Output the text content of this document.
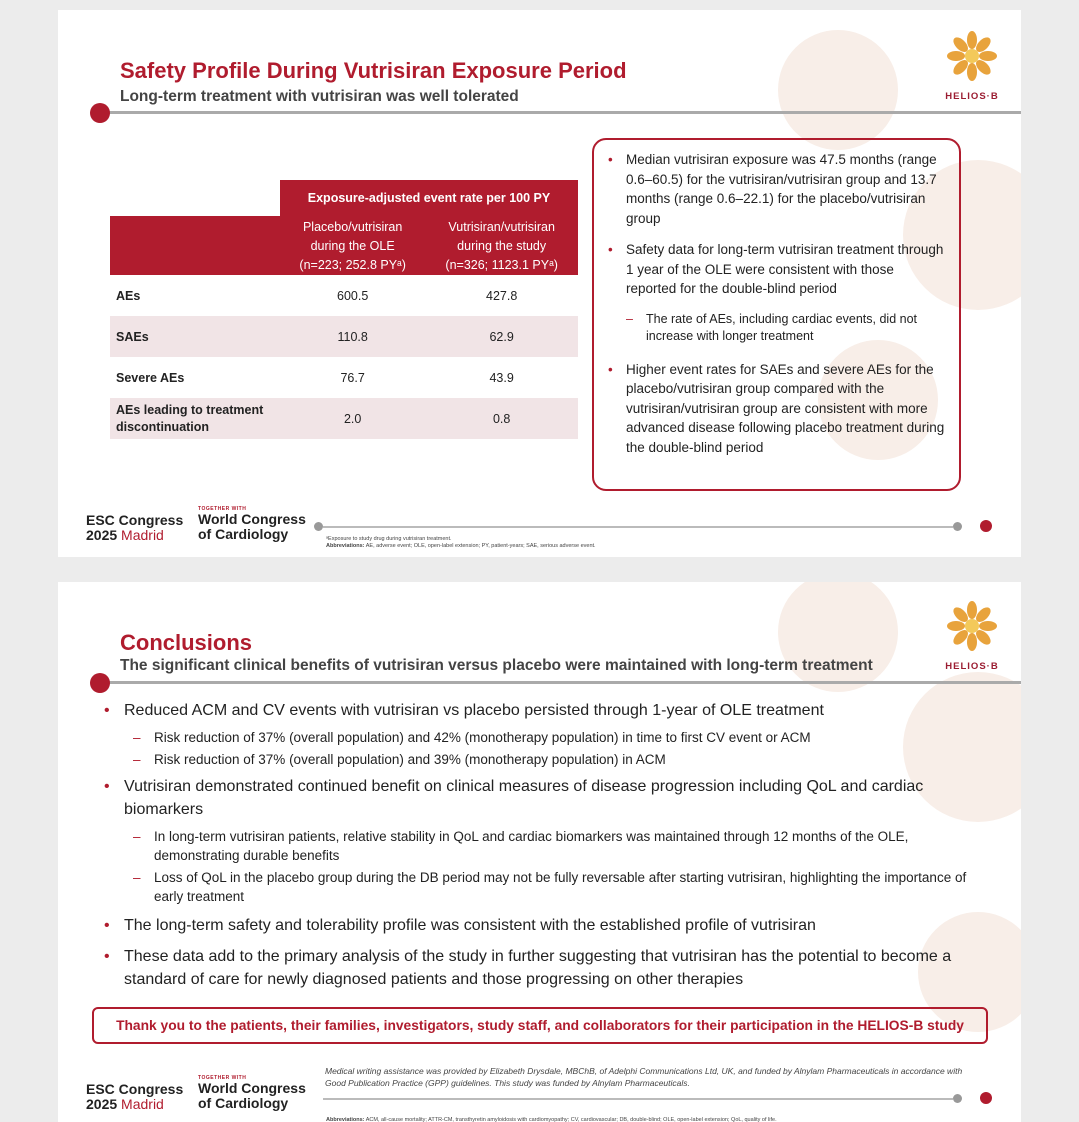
HELIOS·B
Safety Profile During Vutrisiran Exposure Period
Long-term treatment with vutrisiran was well tolerated
	Exposure-adjusted event rate per 100 PY	
	Placebo/vutrisiran
during the OLE
(n=223; 252.8 PYᵃ)	Vutrisiran/vutrisiran
during the study
(n=326; 1123.1 PYᵃ)
AEs	600.5	427.8
SAEs	110.8	62.9
Severe AEs	76.7	43.9
AEs leading to treatment discontinuation	2.0	0.8
• Median vutrisiran exposure was 47.5 months (range 0.6–60.5) for the vutrisiran/vutrisiran group and 13.7 months (range 0.6–22.1) for the placebo/vutrisiran group
• Safety data for long-term vutrisiran treatment through 1 year of the OLE were consistent with those reported for the double-blind period
– The rate of AEs, including cardiac events, did not increase with longer treatment
• Higher event rates for SAEs and severe AEs for the placebo/vutrisiran group compared with the vutrisiran/vutrisiran group are consistent with more advanced disease following placebo treatment during the double-blind period
ESC Congress
2025 Madrid
TOGETHER WITH
World Congress
of Cardiology	ᵃExposure to study drug during vutrisiran treatment.
Abbreviations: AE, adverse event; OLE, open-label extension; PY, patient-years; SAE, serious adverse event.
HELIOS·B
Conclusions
The significant clinical benefits of vutrisiran versus placebo were maintained with long-term treatment
• Reduced ACM and CV events with vutrisiran vs placebo persisted through 1-year of OLE treatment
– Risk reduction of 37% (overall population) and 42% (monotherapy population) in time to first CV event or ACM
– Risk reduction of 37% (overall population) and 39% (monotherapy population) in ACM
• Vutrisiran demonstrated continued benefit on clinical measures of disease progression including QoL and cardiac biomarkers
– In long-term vutrisiran patients, relative stability in QoL and cardiac biomarkers was maintained through 12 months of the OLE, demonstrating durable benefits
– Loss of QoL in the placebo group during the DB period may not be fully reversable after starting vutrisiran, highlighting the importance of early treatment
• The long-term safety and tolerability profile was consistent with the established profile of vutrisiran
• These data add to the primary analysis of the study in further suggesting that vutrisiran has the potential to become a standard of care for newly diagnosed patients and those progressing on other therapies
Thank you to the patients, their families, investigators, study staff, and collaborators for their participation in the HELIOS-B study
Medical writing assistance was provided by Elizabeth Drysdale, MBChB, of Adelphi Communications Ltd, UK, and funded by Alnylam Pharmaceuticals in accordance with Good Publication Practice (GPP) guidelines. This study was funded by Alnylam Pharmaceuticals.
ESC Congress
2025 Madrid
TOGETHER WITH
World Congress
of Cardiology
Abbreviations: ACM, all-cause mortality; ATTR-CM, transthyretin amyloidosis with cardiomyopathy; CV, cardiovascular; DB, double-blind; OLE, open-label extension; QoL, quality of life.
